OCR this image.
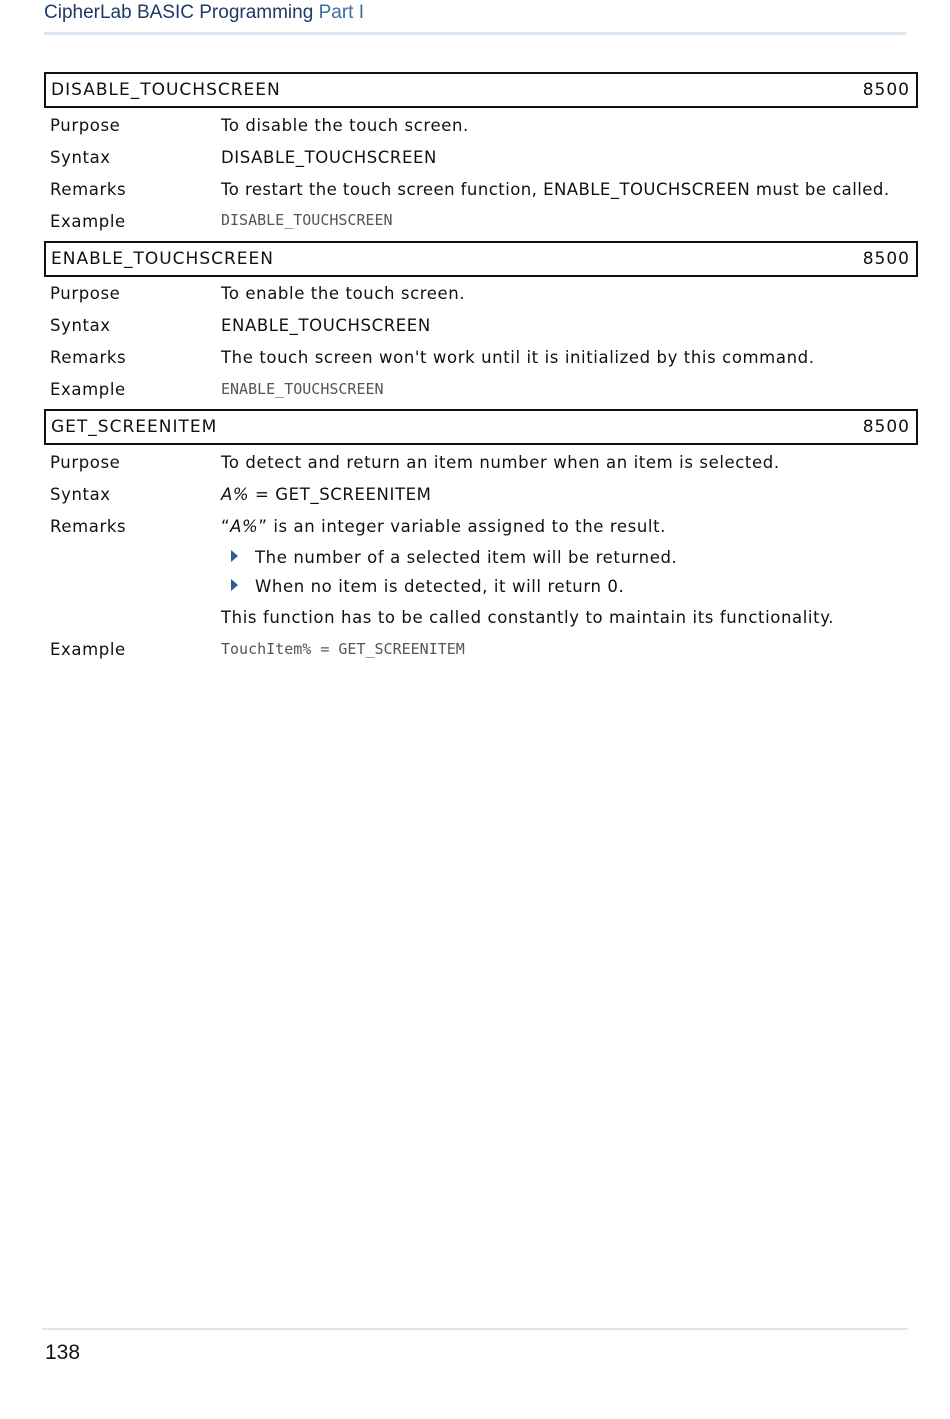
CipherLab BASIC Programming Part I
DISABLE_TOUCHSCREEN	8500
Purpose	To disable the touch screen.
Syntax	DISABLE_TOUCHSCREEN
Remarks	To restart the touch screen function, ENABLE_TOUCHSCREEN must be called.
Example	DISABLE_TOUCHSCREEN
ENABLE_TOUCHSCREEN	8500
Purpose	To enable the touch screen.
Syntax	ENABLE_TOUCHSCREEN
Remarks	The touch screen won't work until it is initialized by this command.
Example	ENABLE_TOUCHSCREEN
GET_SCREENITEM	8500
Purpose	To detect and return an item number when an item is selected.
Syntax	A% = GET_SCREENITEM
Remarks	“A%” is an integer variable assigned to the result.
The number of a selected item will be returned.
When no item is detected, it will return 0.
This function has to be called constantly to maintain its functionality.
Example	TouchItem% = GET_SCREENITEM
138
